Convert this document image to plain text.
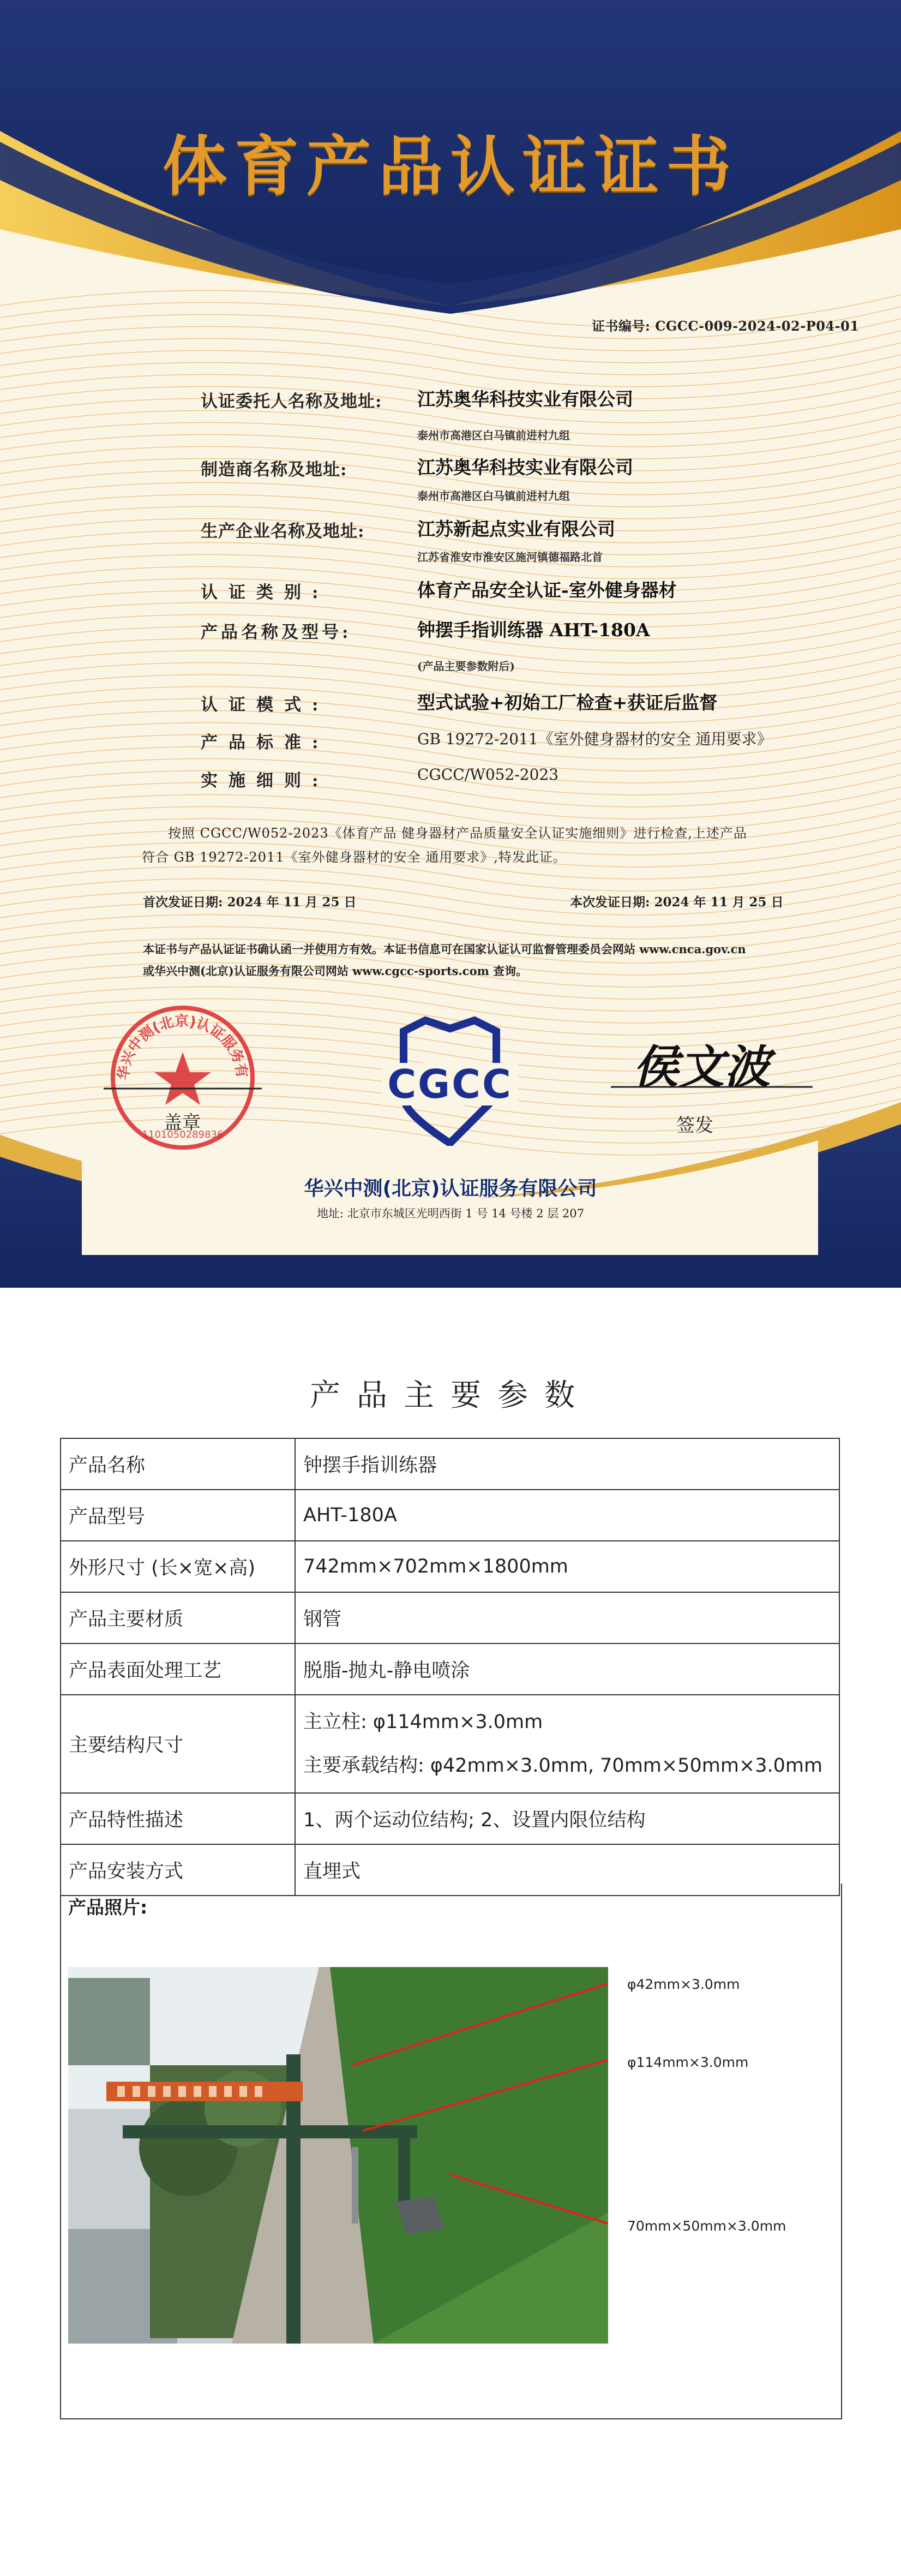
体育产品认证证书
证书编号: CGCC-009-2024-02-P04-01
认证委托人名称及地址: 江苏奥华科技实业有限公司
泰州市高港区白马镇前进村九组
制造商名称及地址:	江苏奥华科技实业有限公司
泰州市高港区白马镇前进村九组
生产企业名称及地址:	江苏新起点实业有限公司
江苏省淮安市淮安区施河镇德福路北首
认证类别:	体育产品安全认证-室外健身器材
产品名称及型号:	钟摆手指训练器 AHT-180A
(产品主要参数附后)
认证模式:	型式试验+初始工厂检查+获证后监督
产品标准:	GB 19272-2011《室外健身器材的安全 通用要求》
实施细则:	CGCC/W052-2023
按照 CGCC/W052-2023《体育产品 健身器材产品质量安全认证实施细则》进行检查,上述产品符合 GB 19272-2011《室外健身器材的安全 通用要求》,特发此证。
首次发证日期: 2024 年 11 月 25 日	本次发证日期: 2024 年 11 月 25 日
本证书与产品认证证书确认函一并使用方有效。本证书信息可在国家认证认可监督管理委员会网站 www.cnca.gov.cn 或华兴中测(北京)认证服务有限公司网站 www.cgcc-sports.com 查询。
华兴中测(北京)认证服务有
1101050289836
盖章
CGCC	侯文波
签发
华兴中测(北京)认证服务有限公司
地址: 北京市东城区光明西街 1 号 14 号楼 2 层 207
产品主要参数
产品名称	钟摆手指训练器
产品型号	AHT-180A
外形尺寸 (长×宽×高)	742mm×702mm×1800mm
产品主要材质	钢管
产品表面处理工艺	脱脂-抛丸-静电喷涂
主要结构尺寸	主立柱: φ114mm×3.0mm
主要承载结构: φ42mm×3.0mm, 70mm×50mm×3.0mm

产品特性描述	1、两个运动位结构; 2、设置内限位结构
产品安装方式	直埋式
产品照片:
φ42mm×3.0mm
φ114mm×3.0mm
70mm×50mm×3.0mm
